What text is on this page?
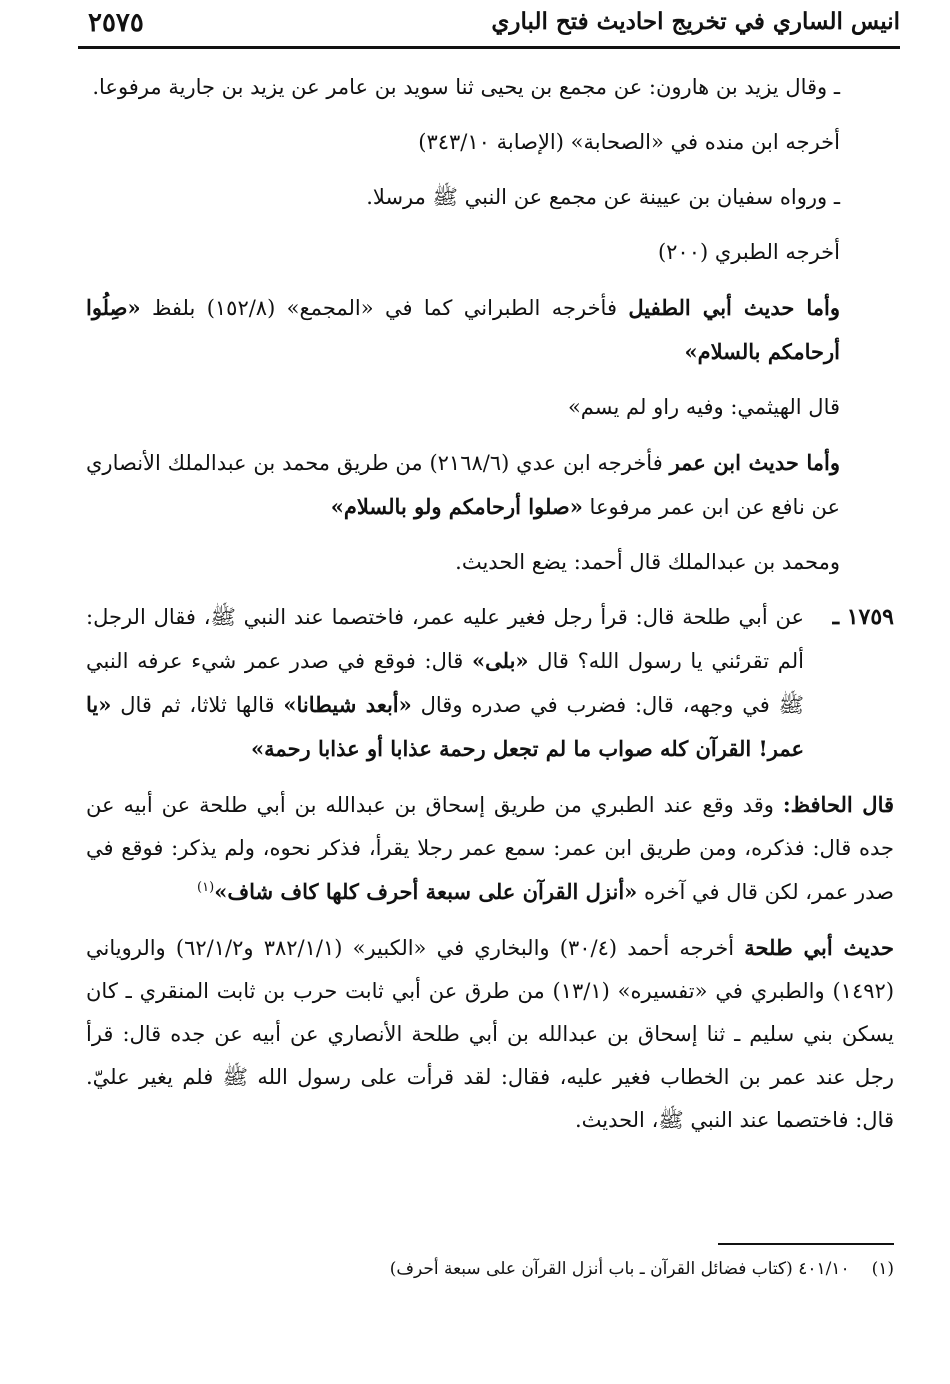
انيس الساري في تخريج احاديث فتح الباري
٢٥٧٥

ـ وقال يزيد بن هارون: عن مجمع بن يحيى ثنا سويد بن عامر عن يزيد بن جارية مرفوعا.

أخرجه ابن منده في «الصحابة» (الإصابة ٣٤٣/١٠)

ـ ورواه سفيان بن عيينة عن مجمع عن النبي ﷺ مرسلا.

أخرجه الطبري (٢٠٠)

وأما حديث أبي الطفيل فأخرجه الطبراني كما في «المجمع» (١٥٢/٨) بلفظ «صِلُوا أرحامكم بالسلام»

قال الهيثمي: وفيه راو لم يسم»

وأما حديث ابن عمر فأخرجه ابن عدي (٢١٦٨/٦) من طريق محمد بن عبدالملك الأنصاري عن نافع عن ابن عمر مرفوعا «صلوا أرحامكم ولو بالسلام»

ومحمد بن عبدالملك قال أحمد: يضع الحديث.

١٧٥٩ ـ
عن أبي طلحة قال: قرأ رجل فغير عليه عمر، فاختصما عند النبي ﷺ، فقال الرجل: ألم تقرئني يا رسول الله؟ قال «بلى» قال: فوقع في صدر عمر شيء عرفه النبي ﷺ في وجهه، قال: فضرب في صدره وقال «أبعد شيطانا» قالها ثلاثا، ثم قال «يا عمر! القرآن كله صواب ما لم تجعل رحمة عذابا أو عذابا رحمة»

قال الحافظ: وقد وقع عند الطبري من طريق إسحاق بن عبدالله بن أبي طلحة عن أبيه عن جده قال: فذكره، ومن طريق ابن عمر: سمع عمر رجلا يقرأ، فذكر نحوه، ولم يذكر: فوقع في صدر عمر، لكن قال في آخره «أنزل القرآن على سبعة أحرف كلها كاف شاف»$^{(١)}$

حديث أبي طلحة أخرجه أحمد (٣٠/٤) والبخاري في «الكبير» (٣٨٢/١/١ و٦٢/١/٢) والروياني (١٤٩٢) والطبري في «تفسيره» (١٣/١) من طرق عن أبي ثابت حرب بن ثابت المنقري ـ كان يسكن بني سليم ـ ثنا إسحاق بن عبدالله بن أبي طلحة الأنصاري عن أبيه عن جده قال: قرأ رجل عند عمر بن الخطاب فغير عليه، فقال: لقد قرأت على رسول الله ﷺ فلم يغير عليّ. قال: فاختصما عند النبي ﷺ، الحديث.

(١)٤٠١/١٠ (كتاب فضائل القرآن ـ باب أنزل القرآن على سبعة أحرف)
